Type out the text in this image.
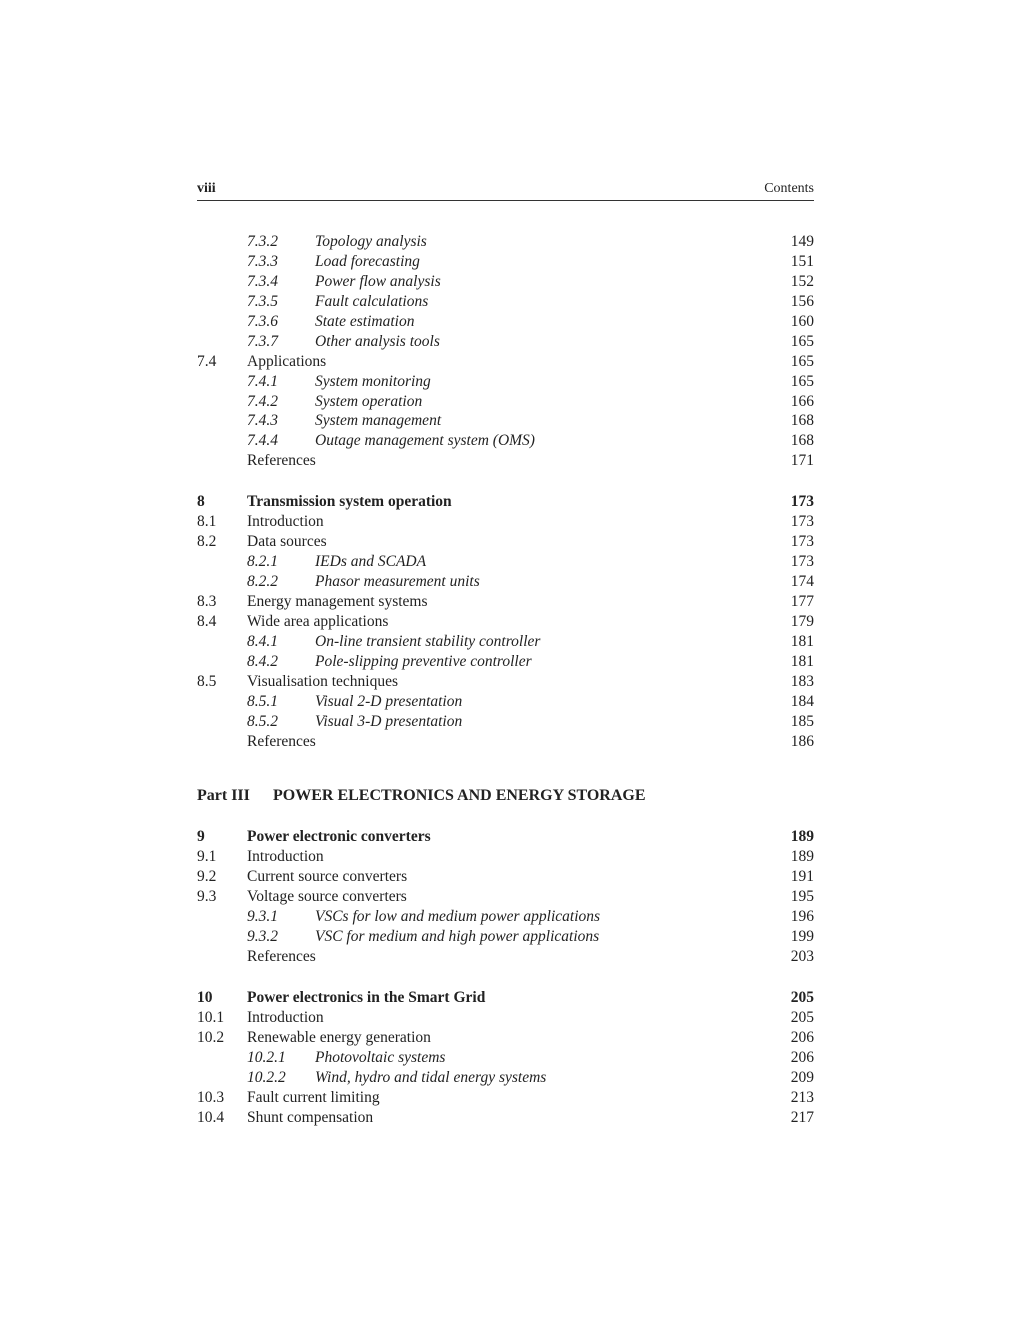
viii	Contents
7.3.2 Topology analysis	149
7.3.3 Load forecasting	151
7.3.4 Power flow analysis	152
7.3.5 Fault calculations	156
7.3.6 State estimation	160
7.3.7 Other analysis tools	165
7.4 Applications	165
7.4.1 System monitoring	165
7.4.2 System operation	166
7.4.3 System management	168
7.4.4 Outage management system (OMS)	168
References	171
8	Transmission system operation	173
8.1 Introduction	173
8.2 Data sources	173
8.2.1 IEDs and SCADA	173
8.2.2 Phasor measurement units	174
8.3 Energy management systems	177
8.4 Wide area applications	179
8.4.1 On-line transient stability controller	181
8.4.2 Pole-slipping preventive controller	181
8.5 Visualisation techniques	183
8.5.1 Visual 2-D presentation	184
8.5.2 Visual 3-D presentation	185
References	186
Part III POWER ELECTRONICS AND ENERGY STORAGE
9	Power electronic converters	189
9.1 Introduction	189
9.2 Current source converters	191
9.3 Voltage source converters	195
9.3.1 VSCs for low and medium power applications	196
9.3.2 VSC for medium and high power applications	199
References	203
10 Power electronics in the Smart Grid	205
10.1 Introduction	205
10.2 Renewable energy generation	206
10.2.1 Photovoltaic systems	206
10.2.2 Wind, hydro and tidal energy systems	209
10.3 Fault current limiting	213
10.4 Shunt compensation	217
